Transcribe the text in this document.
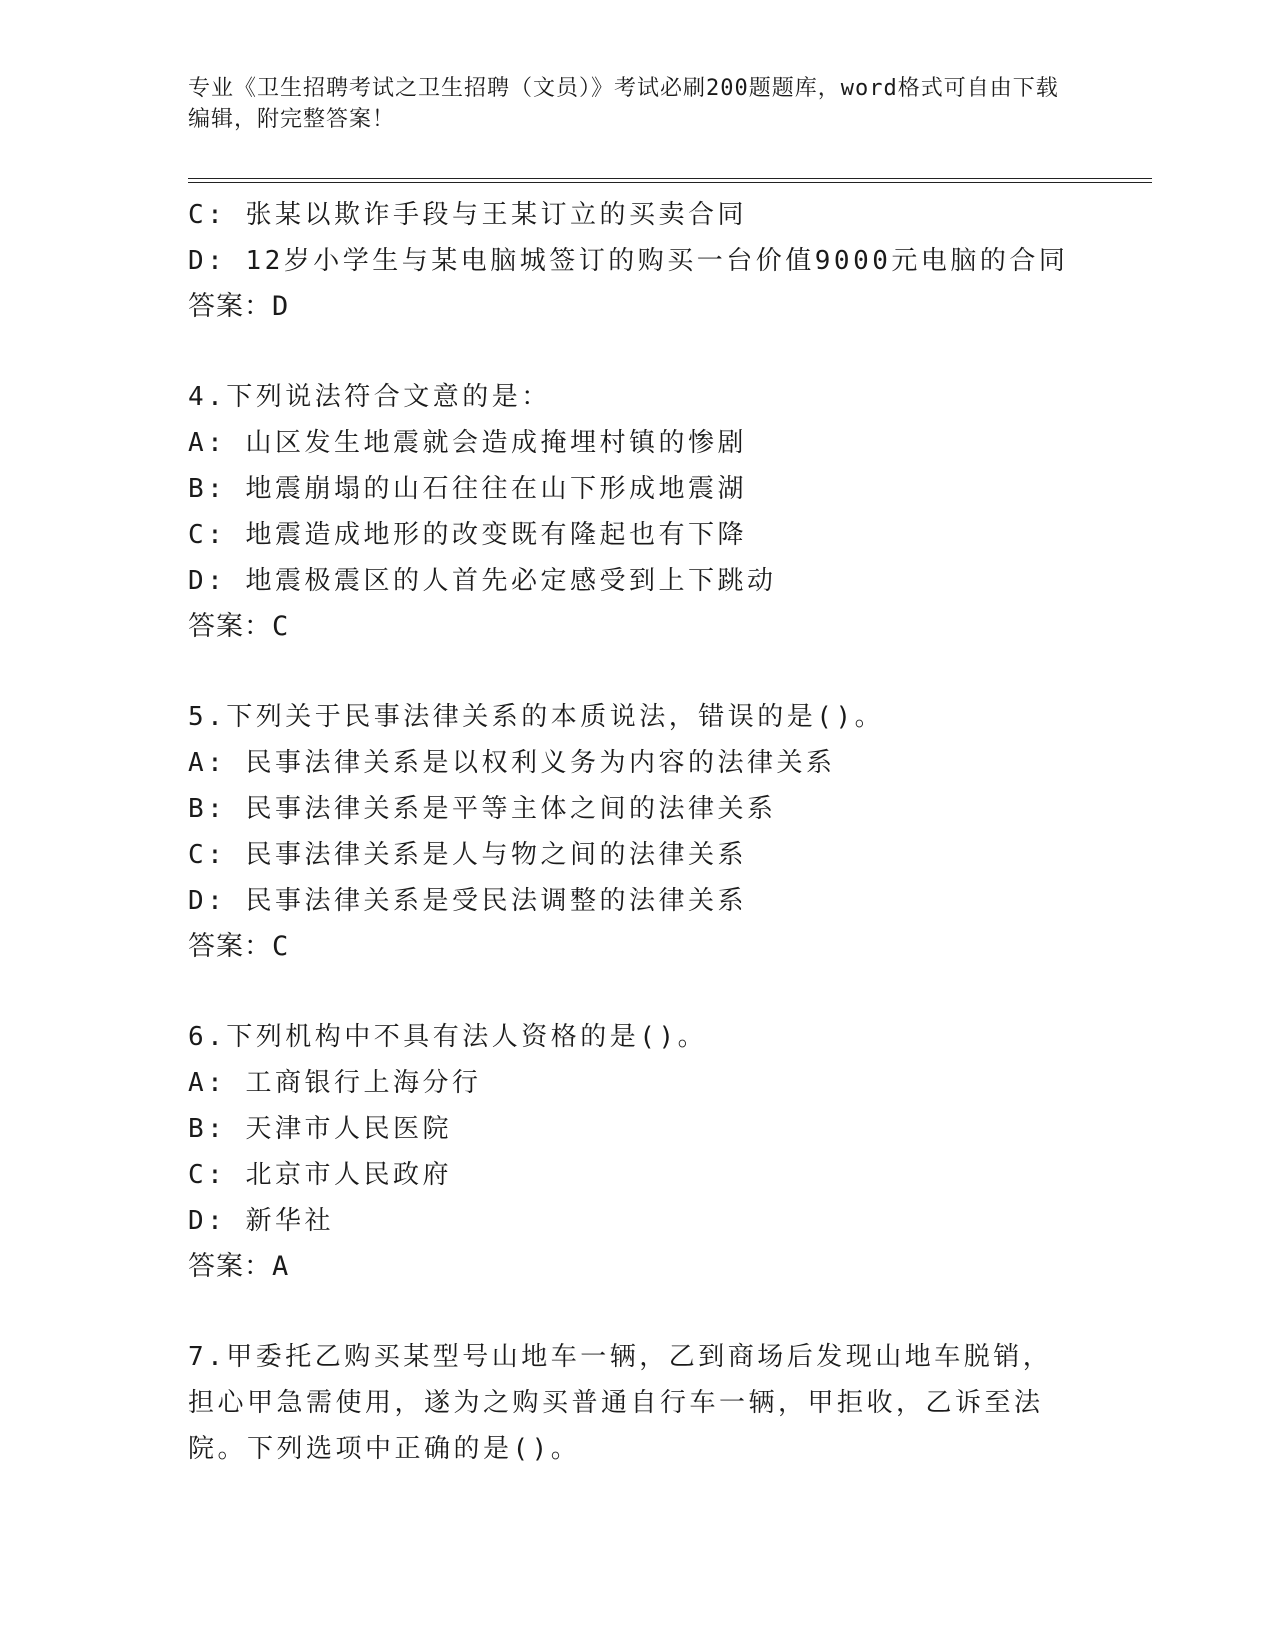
专业《卫生招聘考试之卫生招聘（文员）》考试必刷200题题库，word格式可自由下载编辑，附完整答案！
C: 张某以欺诈手段与王某订立的买卖合同
D: 12岁小学生与某电脑城签订的购买一台价值9000元电脑的合同
答案：D
4.下列说法符合文意的是：
A: 山区发生地震就会造成掩埋村镇的惨剧
B: 地震崩塌的山石往往在山下形成地震湖
C: 地震造成地形的改变既有隆起也有下降
D: 地震极震区的人首先必定感受到上下跳动
答案：C
5.下列关于民事法律关系的本质说法，错误的是()。
A: 民事法律关系是以权利义务为内容的法律关系
B: 民事法律关系是平等主体之间的法律关系
C: 民事法律关系是人与物之间的法律关系
D: 民事法律关系是受民法调整的法律关系
答案：C
6.下列机构中不具有法人资格的是()。
A: 工商银行上海分行
B: 天津市人民医院
C: 北京市人民政府
D: 新华社
答案：A
7.甲委托乙购买某型号山地车一辆，乙到商场后发现山地车脱销，担心甲急需使用，遂为之购买普通自行车一辆，甲拒收，乙诉至法院。下列选项中正确的是()。
